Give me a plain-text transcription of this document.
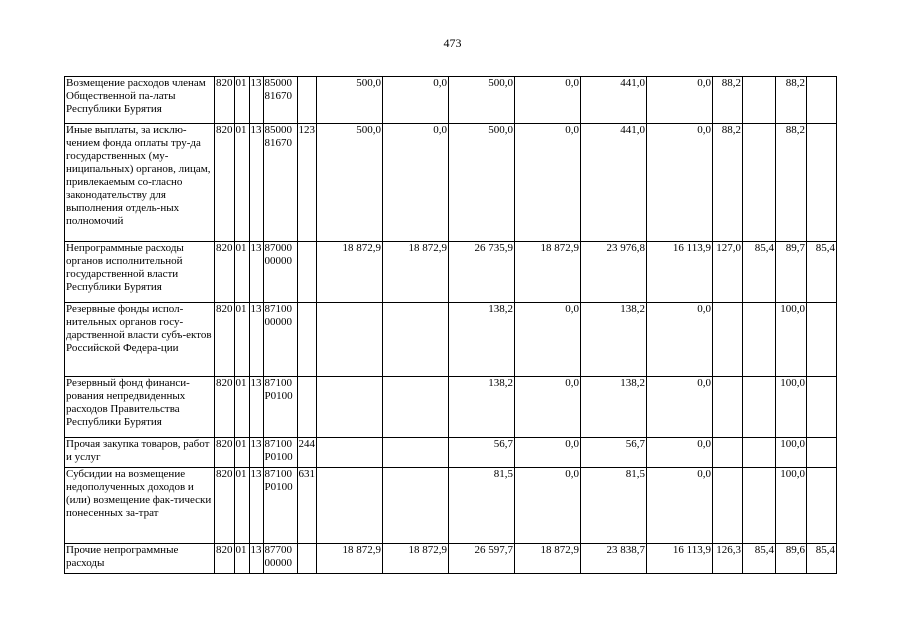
473
Возмещение расходов членам Общественной па-латы Республики Бурятия	820	01	13	85000 81670		500,0	0,0	500,0	0,0	441,0	0,0	88,2		88,2	
Иные выплаты, за исклю-чением фонда оплаты тру-да государственных (му-ниципальных) органов, лицам, привлекаемым со-гласно законодательству для выполнения отдель-ных полномочий	820	01	13	85000 81670	123	500,0	0,0	500,0	0,0	441,0	0,0	88,2		88,2	
Непрограммные расходы органов исполнительной государственной власти Республики Бурятия	820	01	13	87000 00000		18 872,9	18 872,9	26 735,9	18 872,9	23 976,8	16 113,9	127,0	85,4	89,7	85,4
Резервные фонды испол-нительных органов госу-дарственной власти субъ-ектов Российской Федера-ции	820	01	13	87100 00000				138,2	0,0	138,2	0,0			100,0	
Резервный фонд финанси-рования непредвиденных расходов Правительства Республики Бурятия	820	01	13	87100 Р0100				138,2	0,0	138,2	0,0			100,0	
Прочая закупка товаров, работ и услуг	820	01	13	87100 Р0100	244			56,7	0,0	56,7	0,0			100,0	
Субсидии на возмещение недополученных доходов и (или) возмещение фак-тически понесенных за-трат	820	01	13	87100 Р0100	631			81,5	0,0	81,5	0,0			100,0	
Прочие непрограммные расходы	820	01	13	87700 00000		18 872,9	18 872,9	26 597,7	18 872,9	23 838,7	16 113,9	126,3	85,4	89,6	85,4
